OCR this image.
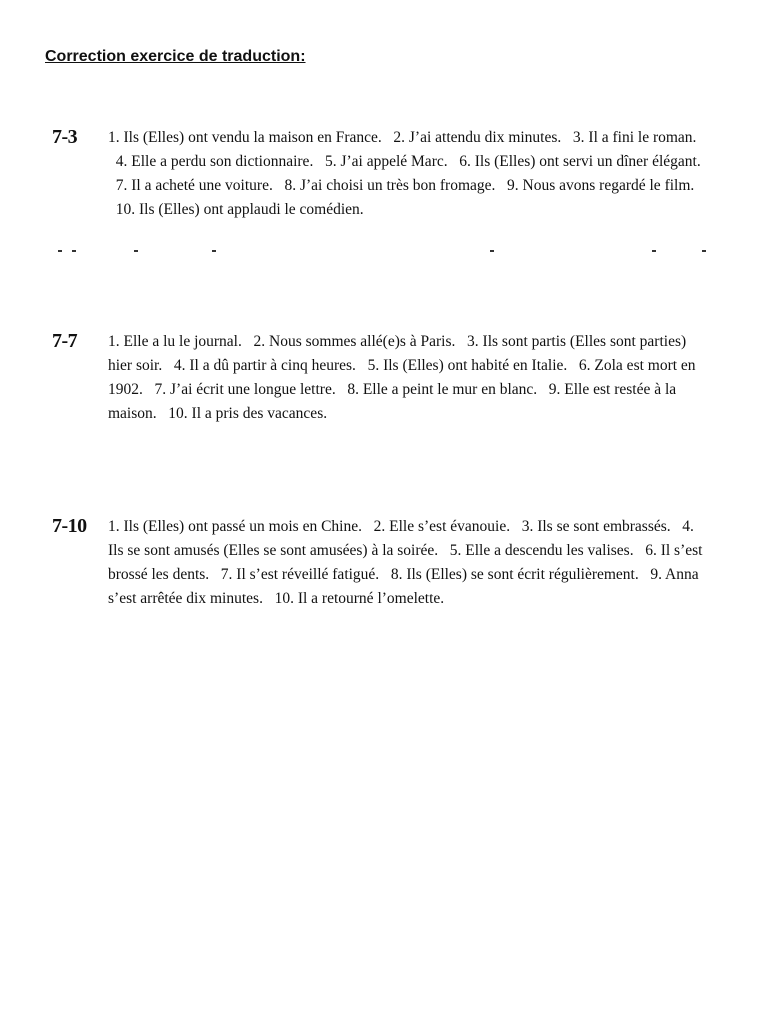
Correction exercice de traduction:
7-3 1. Ils (Elles) ont vendu la maison en France. 2. J’ai attendu dix minutes. 3. Il a fini le roman. 4. Elle a perdu son dictionnaire. 5. J’ai appelé Marc. 6. Ils (Elles) ont servi un dîner élégant. 7. Il a acheté une voiture. 8. J’ai choisi un très bon fromage. 9. Nous avons regardé le film. 10. Ils (Elles) ont applaudi le comédien.
7-7 1. Elle a lu le journal. 2. Nous sommes allé(e)s à Paris. 3. Ils sont partis (Elles sont parties) hier soir. 4. Il a dû partir à cinq heures. 5. Ils (Elles) ont habité en Italie. 6. Zola est mort en 1902. 7. J’ai écrit une longue lettre. 8. Elle a peint le mur en blanc. 9. Elle est restée à la maison. 10. Il a pris des vacances.
7-10 1. Ils (Elles) ont passé un mois en Chine. 2. Elle s’est évanouie. 3. Ils se sont embrassés. 4. Ils se sont amusés (Elles se sont amusées) à la soirée. 5. Elle a descendu les valises. 6. Il s’est brossé les dents. 7. Il s’est réveillé fatigué. 8. Ils (Elles) se sont écrit régulièrement. 9. Anna s’est arrêtée dix minutes. 10. Il a retourné l’omelette.
